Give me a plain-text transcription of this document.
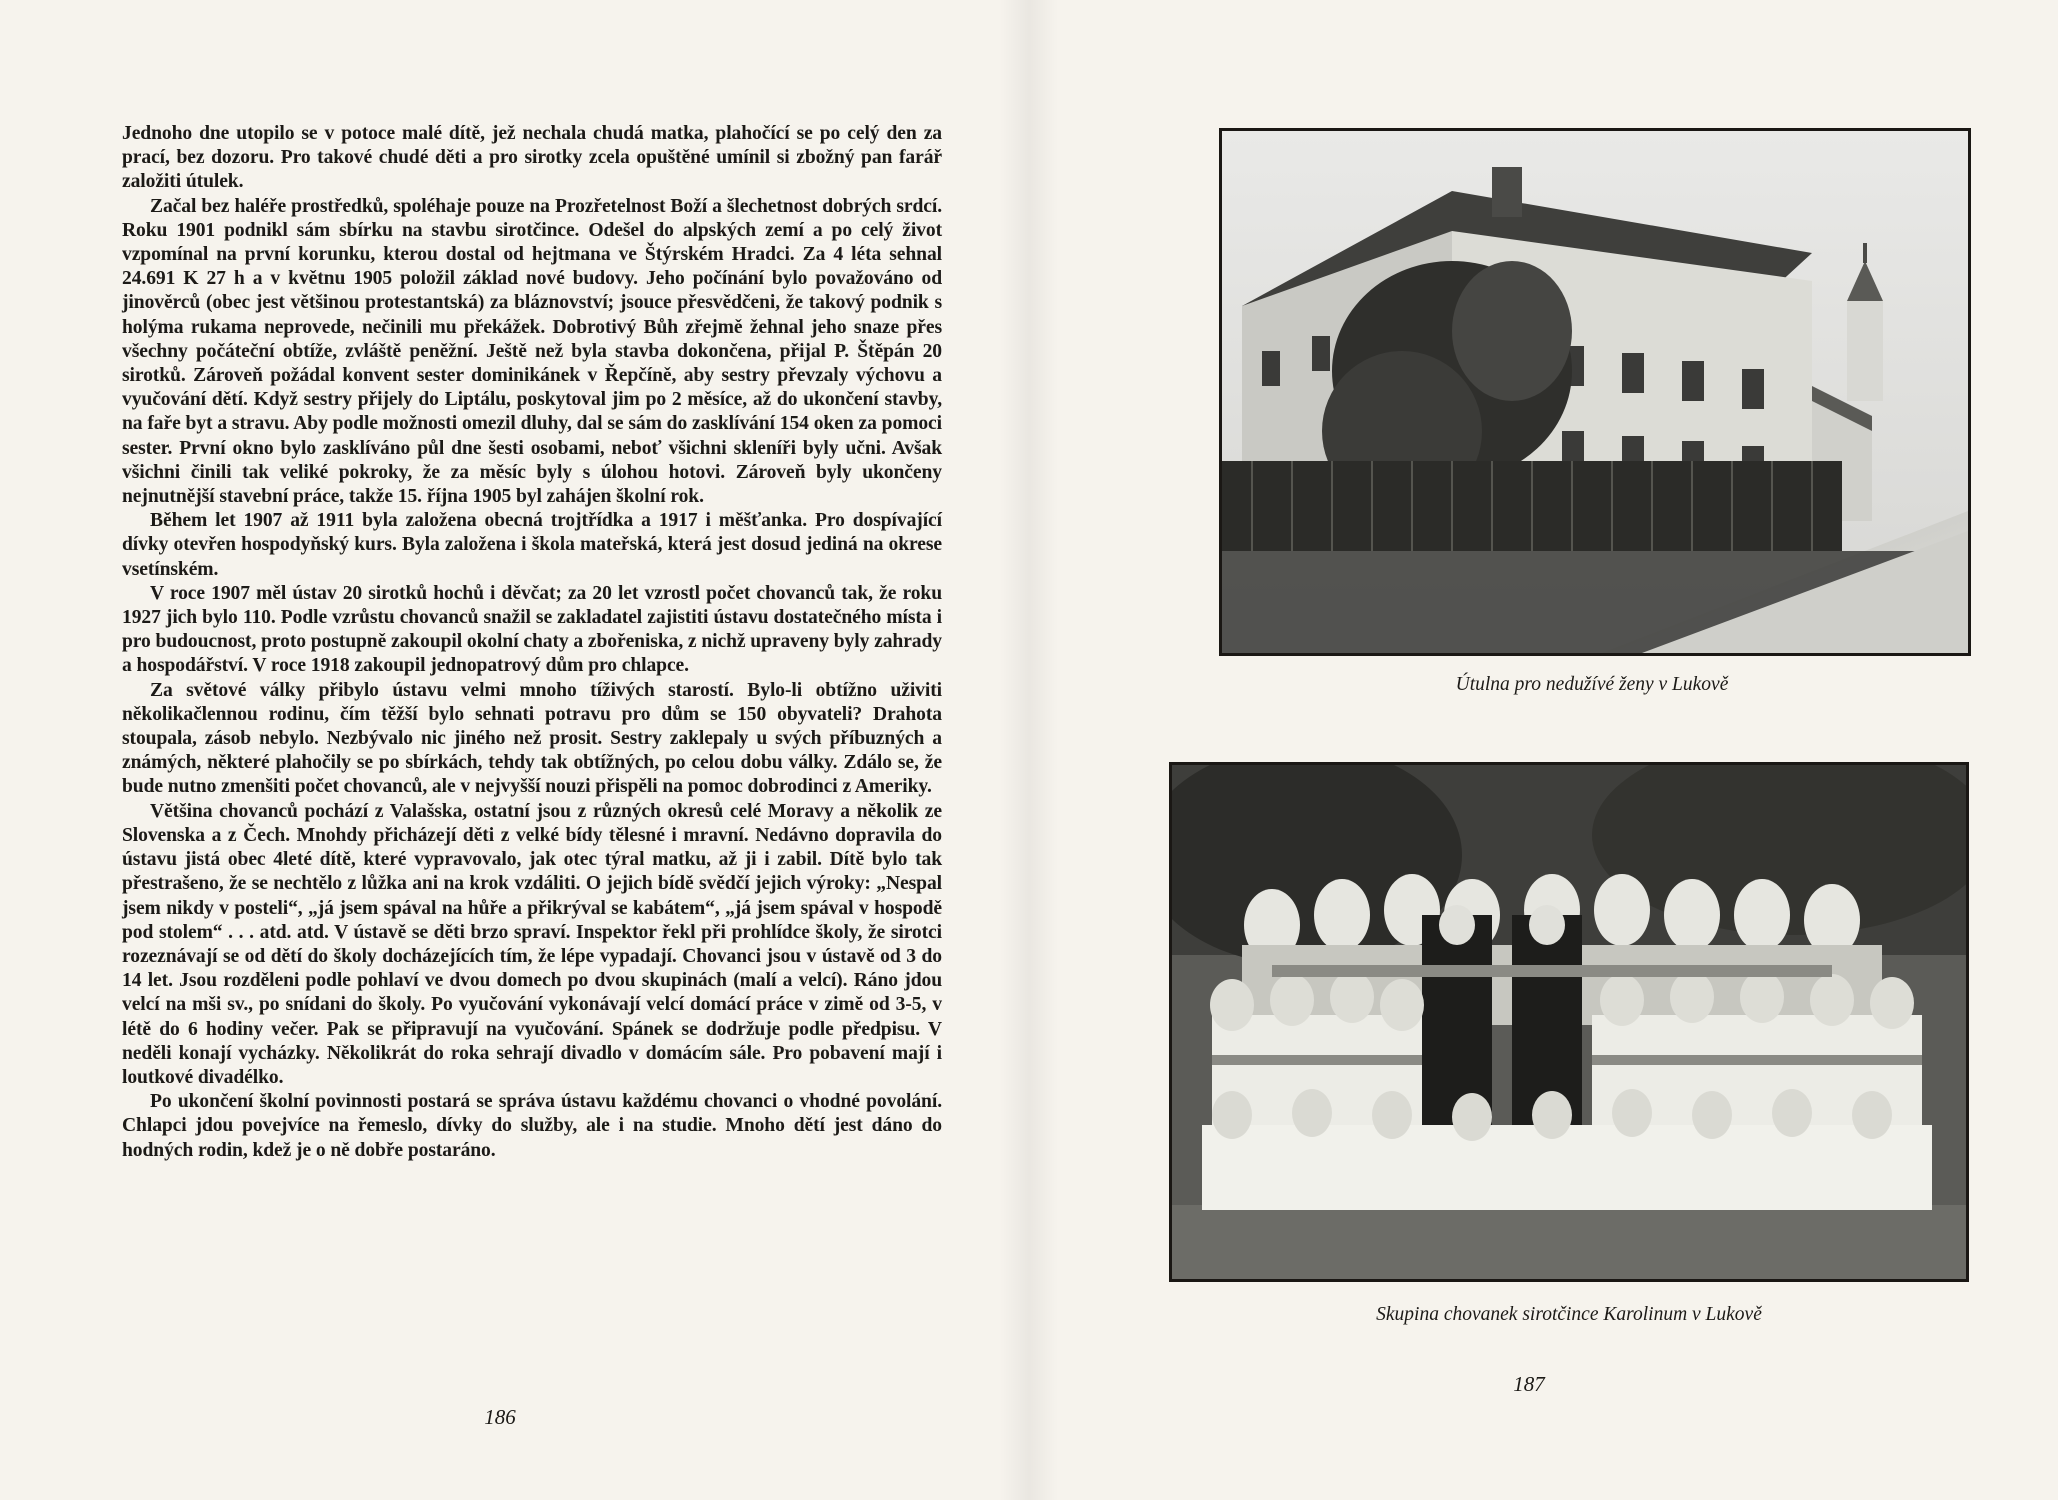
Jednoho dne utopilo se v potoce malé dítě, jež nechala chudá matka, plahočící se po celý den za prací, bez dozoru. Pro takové chudé děti a pro sirotky zcela opuštěné umínil si zbožný pan farář založiti útulek.

Začal bez haléře prostředků, spoléhaje pouze na Prozřetelnost Boží a šlechetnost dobrých srdcí. Roku 1901 podnikl sám sbírku na stavbu sirotčince. Odešel do alpských zemí a po celý život vzpomínal na první korunku, kterou dostal od hejtmana ve Štýrském Hradci. Za 4 léta sehnal 24.691 K 27 h a v květnu 1905 položil základ nové budovy. Jeho počínání bylo považováno od jinověrců (obec jest většinou protestantská) za bláznovství; jsouce přesvědčeni, že takový podnik s holýma rukama neprovede, nečinili mu překážek. Dobrotivý Bůh zřejmě žehnal jeho snaze přes všechny počáteční obtíže, zvláště peněžní. Ještě než byla stavba dokončena, přijal P. Štěpán 20 sirotků. Zároveň požádal konvent sester dominikánek v Řepčíně, aby sestry převzaly výchovu a vyučování dětí. Když sestry přijely do Liptálu, poskytoval jim po 2 měsíce, až do ukončení stavby, na faře byt a stravu. Aby podle možnosti omezil dluhy, dal se sám do zasklívání 154 oken za pomoci sester. První okno bylo zasklíváno půl dne šesti osobami, neboť všichni skleníři byly učni. Avšak všichni činili tak veliké pokroky, že za měsíc byly s úlohou hotovi. Zároveň byly ukončeny nejnutnější stavební práce, takže 15. října 1905 byl zahájen školní rok.

Během let 1907 až 1911 byla založena obecná trojtřídka a 1917 i měšťanka. Pro dospívající dívky otevřen hospodyňský kurs. Byla založena i škola mateřská, která jest dosud jediná na okrese vsetínském.

V roce 1907 měl ústav 20 sirotků hochů i děvčat; za 20 let vzrostl počet chovanců tak, že roku 1927 jich bylo 110. Podle vzrůstu chovanců snažil se zakladatel zajistiti ústavu dostatečného místa i pro budoucnost, proto postupně zakoupil okolní chaty a zbořeniska, z nichž upraveny byly zahrady a hospodářství. V roce 1918 zakoupil jednopatrový dům pro chlapce.

Za světové války přibylo ústavu velmi mnoho tíživých starostí. Bylo-li obtížno uživiti několikačlennou rodinu, čím těžší bylo sehnati potravu pro dům se 150 obyvateli? Drahota stoupala, zásob nebylo. Nezbývalo nic jiného než prosit. Sestry zaklepaly u svých příbuzných a známých, některé plahočily se po sbírkách, tehdy tak obtížných, po celou dobu války. Zdálo se, že bude nutno zmenšiti počet chovanců, ale v nejvyšší nouzi přispěli na pomoc dobrodinci z Ameriky.

Většina chovanců pochází z Valašska, ostatní jsou z různých okresů celé Moravy a několik ze Slovenska a z Čech. Mnohdy přicházejí děti z velké bídy tělesné i mravní. Nedávno dopravila do ústavu jistá obec 4leté dítě, které vypravovalo, jak otec týral matku, až ji i zabil. Dítě bylo tak přestrašeno, že se nechtělo z lůžka ani na krok vzdáliti. O jejich bídě svědčí jejich výroky: „Nespal jsem nikdy v posteli“, „já jsem spával na hůře a přikrýval se kabátem“, „já jsem spával v hospodě pod stolem“ . . . atd. atd. V ústavě se děti brzo spraví. Inspektor řekl při prohlídce školy, že sirotci rozeznávají se od dětí do školy docházejících tím, že lépe vypadají. Chovanci jsou v ústavě od 3 do 14 let. Jsou rozděleni podle pohlaví ve dvou domech po dvou skupinách (malí a velcí). Ráno jdou velcí na mši sv., po snídani do školy. Po vyučování vykonávají velcí domácí práce v zimě od 3-5, v létě do 6 hodiny večer. Pak se připravují na vyučování. Spánek se dodržuje podle předpisu. V neděli konají vycházky. Několikrát do roka sehrají divadlo v domácím sále. Pro pobavení mají i loutkové divadélko.

Po ukončení školní povinnosti postará se správa ústavu každému chovanci o vhodné povolání. Chlapci jdou povejvíce na řemeslo, dívky do služby, ale i na studie. Mnoho dětí jest dáno do hodných rodin, kdež je o ně dobře postaráno.

186
Útulna pro nedužívé ženy v Lukově
Skupina chovanek sirotčince Karolinum v Lukově
187
